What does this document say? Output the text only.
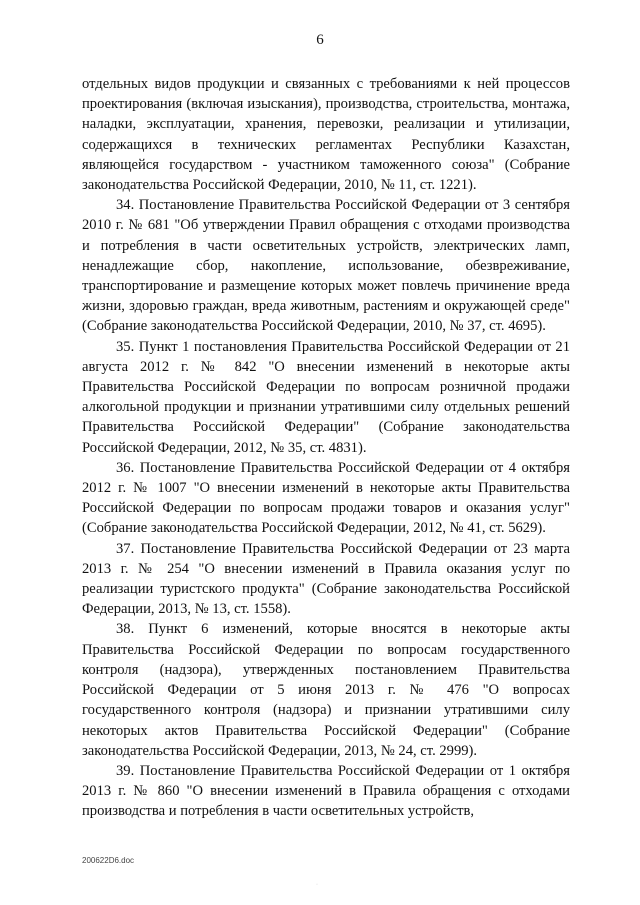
6

отдельных видов продукции и связанных с требованиями к ней процессов проектирования (включая изыскания), производства, строительства, монтажа, наладки, эксплуатации, хранения, перевозки, реализации и утилизации, содержащихся в технических регламентах Республики Казахстан, являющейся государством - участником таможенного союза" (Собрание законодательства Российской Федерации, 2010, № 11, ст. 1221).

34. Постановление Правительства Российской Федерации от 3 сентября 2010 г. № 681 "Об утверждении Правил обращения с отходами производства и потребления в части осветительных устройств, электрических ламп, ненадлежащие сбор, накопление, использование, обезвреживание, транспортирование и размещение которых может повлечь причинение вреда жизни, здоровью граждан, вреда животным, растениям и окружающей среде" (Собрание законодательства Российской Федерации, 2010, № 37, ст. 4695).

35. Пункт 1 постановления Правительства Российской Федерации от 21 августа 2012 г. № 842 "О внесении изменений в некоторые акты Правительства Российской Федерации по вопросам розничной продажи алкогольной продукции и признании утратившими силу отдельных решений Правительства Российской Федерации" (Собрание законодательства Российской Федерации, 2012, № 35, ст. 4831).

36. Постановление Правительства Российской Федерации от 4 октября 2012 г. № 1007 "О внесении изменений в некоторые акты Правительства Российской Федерации по вопросам продажи товаров и оказания услуг" (Собрание законодательства Российской Федерации, 2012, № 41, ст. 5629).

37. Постановление Правительства Российской Федерации от 23 марта 2013 г. № 254 "О внесении изменений в Правила оказания услуг по реализации туристского продукта" (Собрание законодательства Российской Федерации, 2013, № 13, ст. 1558).

38. Пункт 6 изменений, которые вносятся в некоторые акты Правительства Российской Федерации по вопросам государственного контроля (надзора), утвержденных постановлением Правительства Российской Федерации от 5 июня 2013 г. № 476 "О вопросах государственного контроля (надзора) и признании утратившими силу некоторых актов Правительства Российской Федерации" (Собрание законодательства Российской Федерации, 2013, № 24, ст. 2999).

39. Постановление Правительства Российской Федерации от 1 октября 2013 г. № 860 "О внесении изменений в Правила обращения с отходами производства и потребления в части осветительных устройств,

200622D6.doc
·
